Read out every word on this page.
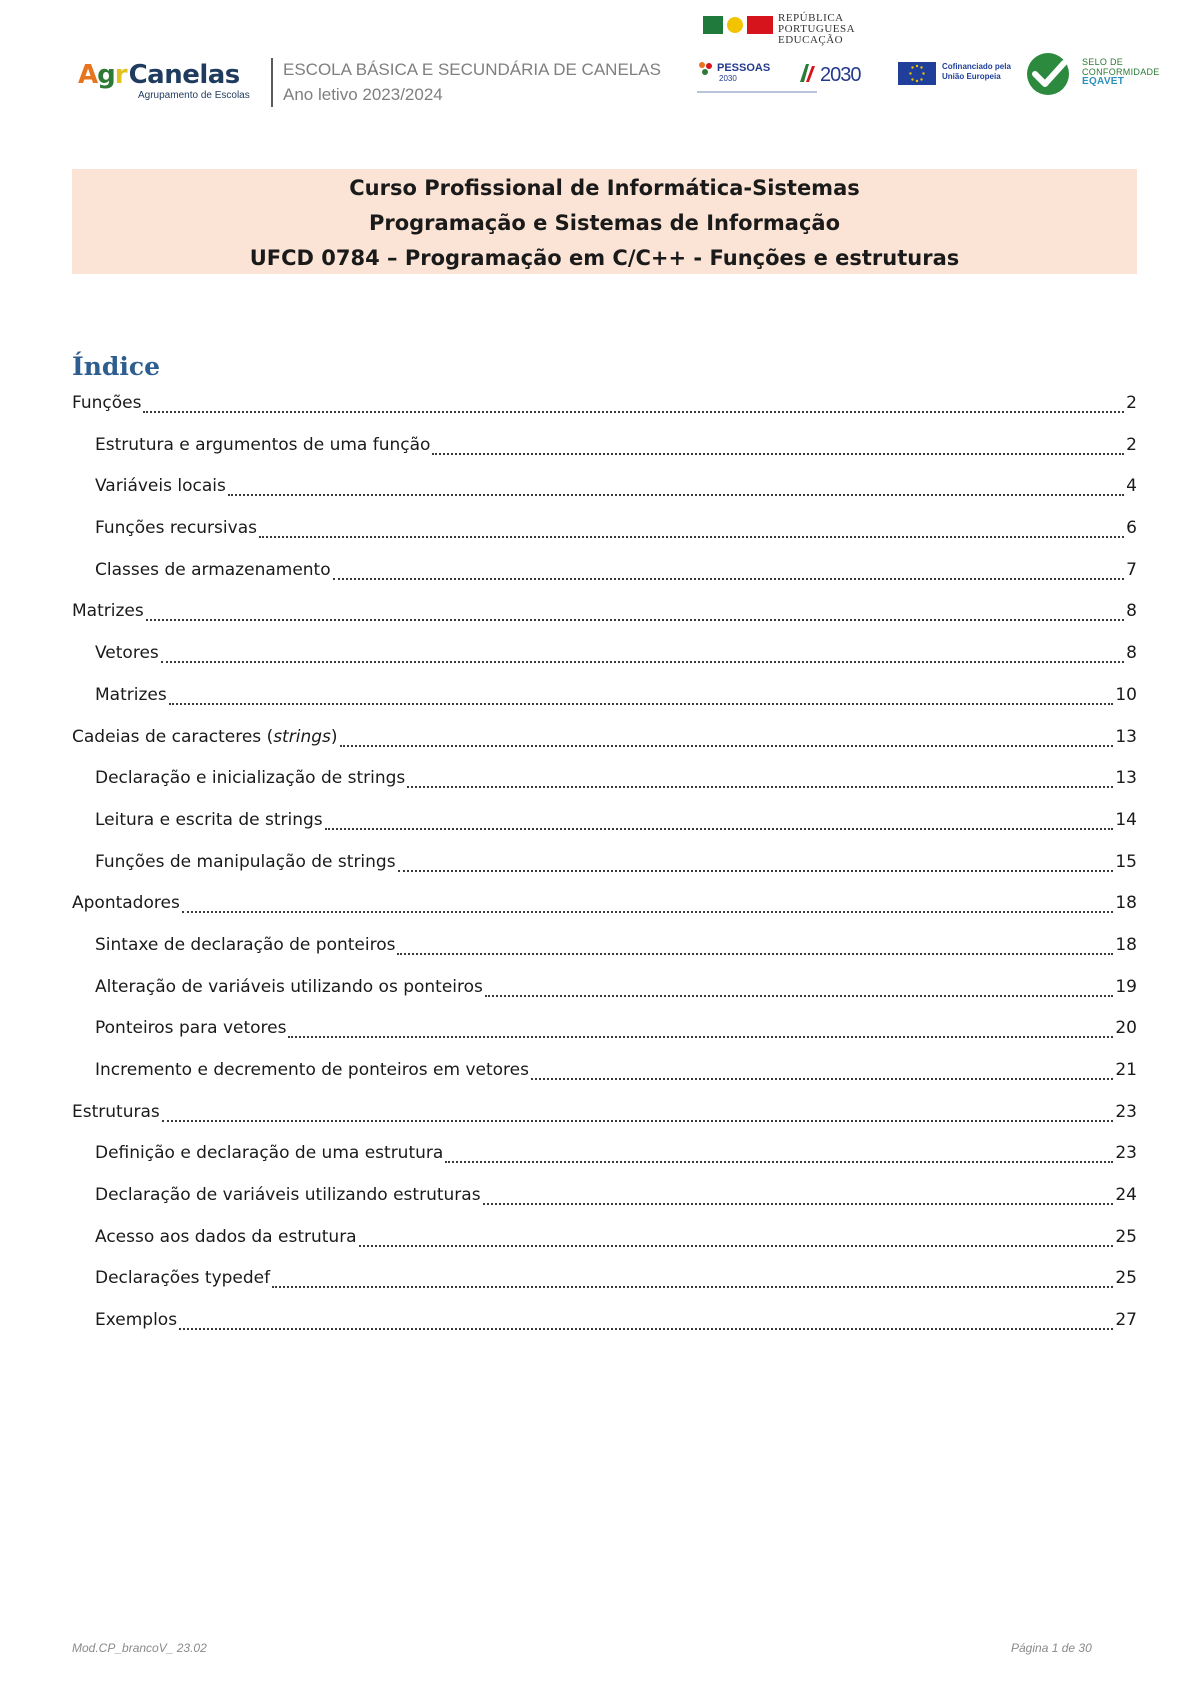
A g r Canelas
Agrupamento de Escolas
ESCOLA BÁSICA E SECUNDÁRIA DE CANELAS
Ano letivo 2023/2024
REPÚBLICA
PORTUGUESA
EDUCAÇÃO
PESSOAS
2030	2030	Cofinanciado pela
União Europeia
SELO DE
CONFORMIDADE
EQAVET
Curso Profissional de Informática-Sistemas
Programação e Sistemas de Informação
UFCD 0784 – Programação em C/C++ - Funções e estruturas
Índice
Funções	2
Estrutura e argumentos de uma função	2
Variáveis locais	4
Funções recursivas	6
Classes de armazenamento	7
Matrizes	8
Vetores	8
Matrizes	10
Cadeias de caracteres (strings)	13
Declaração e inicialização de strings	13
Leitura e escrita de strings	14
Funções de manipulação de strings	15
Apontadores	18
Sintaxe de declaração de ponteiros	18
Alteração de variáveis utilizando os ponteiros	19
Ponteiros para vetores	20
Incremento e decremento de ponteiros em vetores	21
Estruturas	23
Definição e declaração de uma estrutura	23
Declaração de variáveis utilizando estruturas	24
Acesso aos dados da estrutura	25
Declarações typedef	25
Exemplos	27
Mod.CP_brancoV_ 23.02	Página 1 de 30
